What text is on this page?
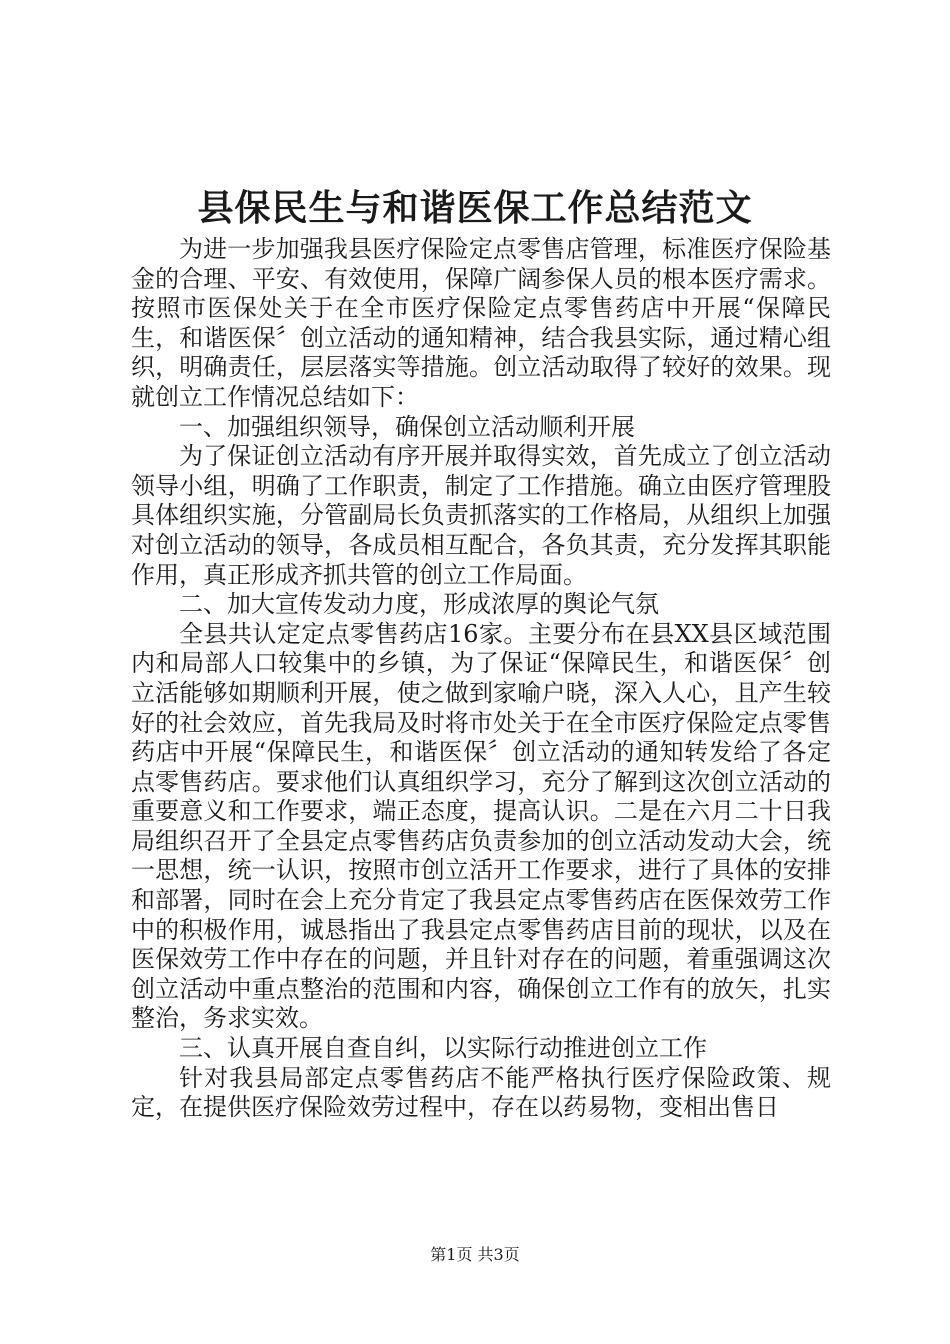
县保民生与和谐医保工作总结范文

为进一步加强我县医疗保险定点零售店管理，标准医疗保险基金的合理、平安、有效使用，保障广阔参保人员的根本医疗需求。按照市医保处关于在全市医疗保险定点零售药店中开展“保障民生，和谐医保〞创立活动的通知精神，结合我县实际，通过精心组织，明确责任，层层落实等措施。创立活动取得了较好的效果。现就创立工作情况总结如下：

一、加强组织领导，确保创立活动顺利开展

为了保证创立活动有序开展并取得实效，首先成立了创立活动领导小组，明确了工作职责，制定了工作措施。确立由医疗管理股具体组织实施，分管副局长负责抓落实的工作格局，从组织上加强对创立活动的领导，各成员相互配合，各负其责，充分发挥其职能作用，真正形成齐抓共管的创立工作局面。

二、加大宣传发动力度，形成浓厚的舆论气氛

全县共认定定点零售药店16家。主要分布在县XX县区域范围内和局部人口较集中的乡镇，为了保证“保障民生，和谐医保〞创立活能够如期顺利开展，使之做到家喻户晓，深入人心，且产生较好的社会效应，首先我局及时将市处关于在全市医疗保险定点零售药店中开展“保障民生，和谐医保〞创立活动的通知转发给了各定点零售药店。要求他们认真组织学习，充分了解到这次创立活动的重要意义和工作要求，端正态度，提高认识。二是在六月二十日我局组织召开了全县定点零售药店负责参加的创立活动发动大会，统一思想，统一认识，按照市创立活开工作要求，进行了具体的安排和部署，同时在会上充分肯定了我县定点零售药店在医保效劳工作中的积极作用，诚恳指出了我县定点零售药店目前的现状，以及在医保效劳工作中存在的问题，并且针对存在的问题，着重强调这次创立活动中重点整治的范围和内容，确保创立工作有的放矢，扎实整治，务求实效。

三、认真开展自查自纠，以实际行动推进创立工作

针对我县局部定点零售药店不能严格执行医疗保险政策、规定，在提供医疗保险效劳过程中，存在以药易物，变相出售日

第1页 共3页
